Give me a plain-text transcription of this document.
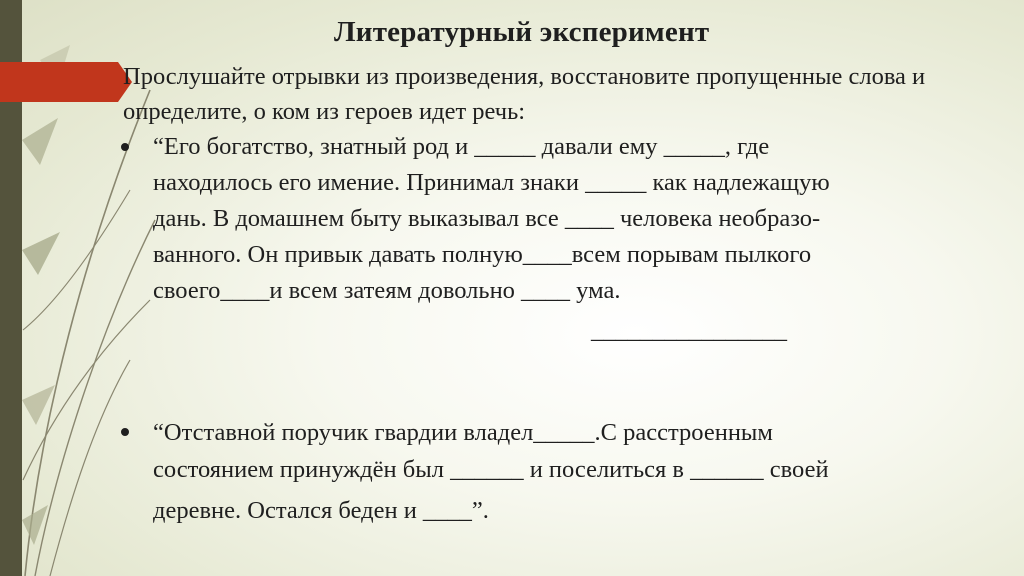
Литературный эксперимент

Прослушайте отрывки из произведения, восстановите пропущенные слова и определите, о ком из героев идет речь:

“Его богатство, знатный род и _____ давали ему _____, где
находилось его имение. Принимал знаки _____ как надлежащую
дань. В домашнем быту выказывал все ____ человека необразо-
ванного. Он привык давать полную____всем порывам пылкого
своего____и всем затеям довольно ____ ума.

________________

“Отставной поручик гвардии владел_____.С расстроенным
состоянием принуждён был ______ и поселиться в ______ своей

деревне. Остался беден и ____”.
